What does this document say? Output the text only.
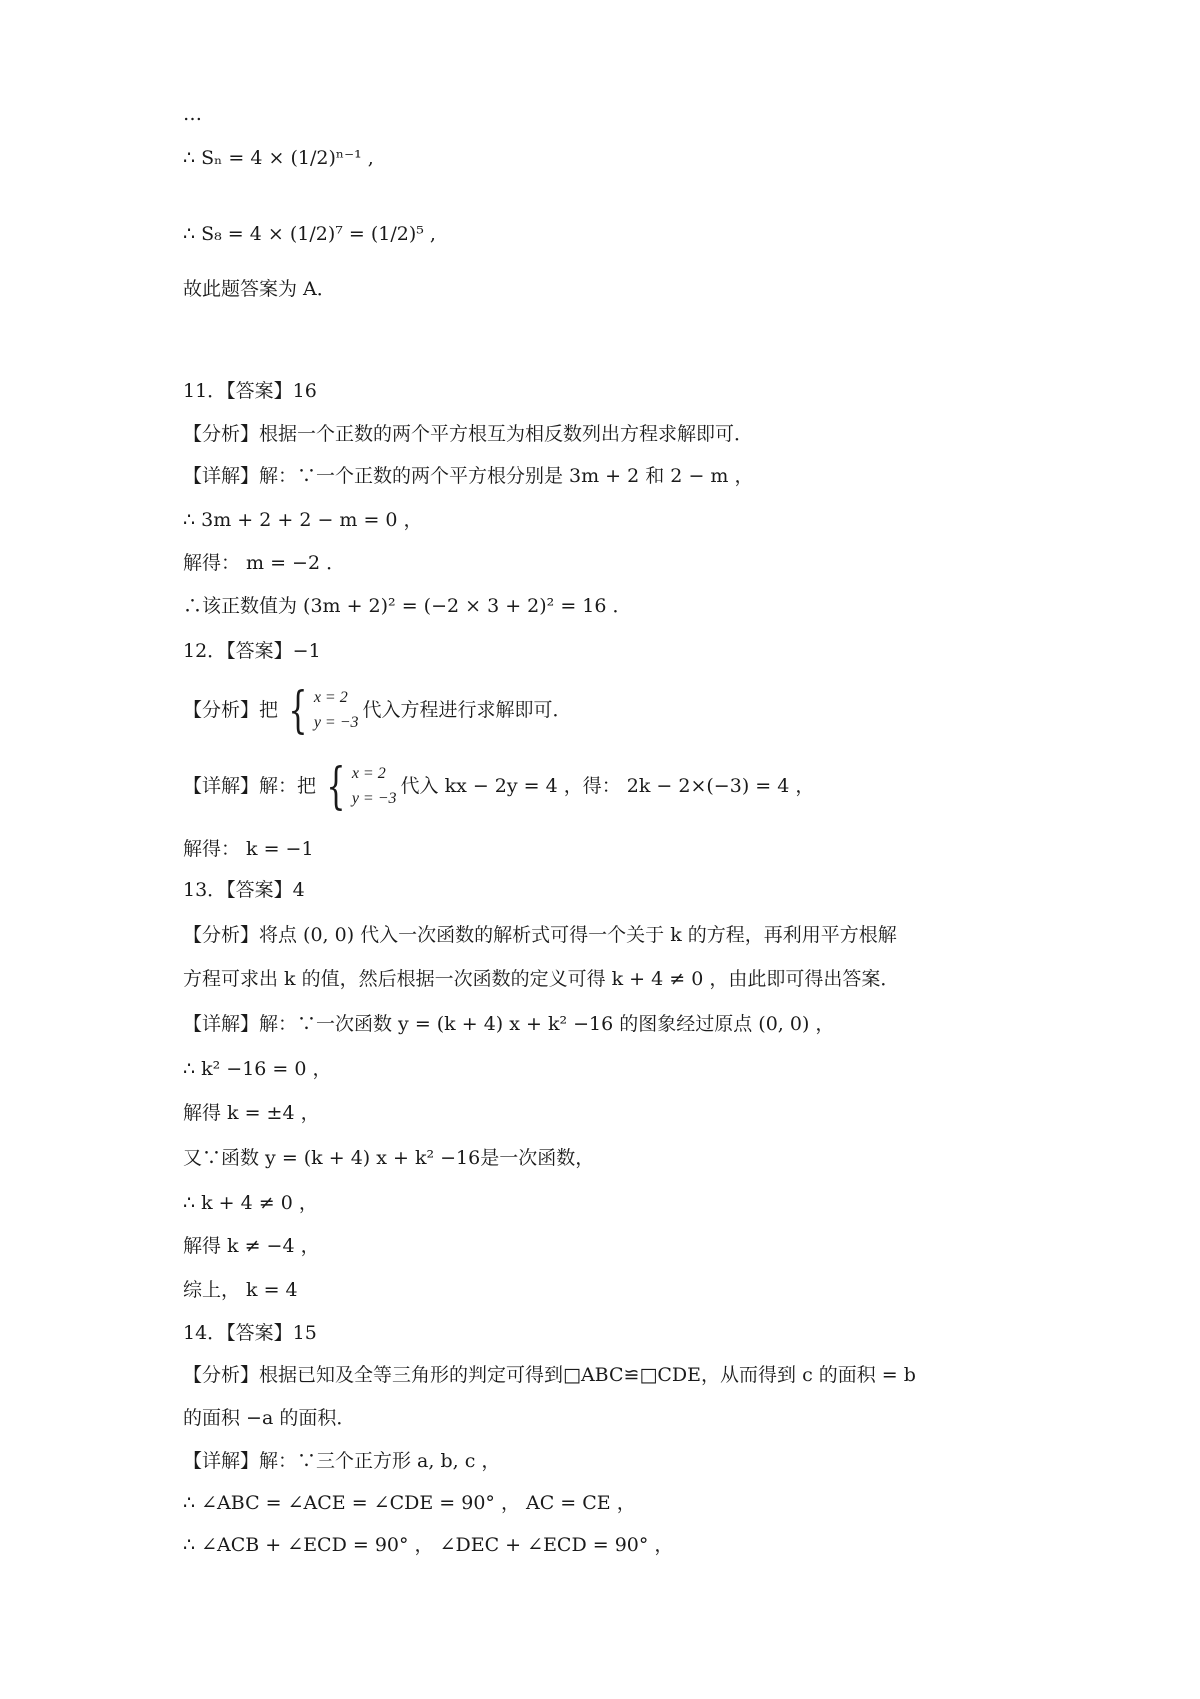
…
∴ Sₙ = 4 × (1/2)ⁿ⁻¹ ,
∴ S₈ = 4 × (1/2)⁷ = (1/2)⁵ ,
故此题答案为 A．
11．【答案】16
【分析】根据一个正数的两个平方根互为相反数列出方程求解即可．
【详解】解：∵一个正数的两个平方根分别是 3m + 2 和 2 − m ，
∴ 3m + 2 + 2 − m = 0 ，
解得： m = −2 ．
∴该正数值为 (3m + 2)² = (−2 × 3 + 2)² = 16 ．
12．【答案】−1
【分析】把 { x = 2
y = −3
代入方程进行求解即可．
【详解】解：把 { x = 2
y = −3
代入 kx − 2y = 4 ，得： 2k − 2×(−3) = 4 ，
解得： k = −1
13．【答案】4
【分析】将点 (0, 0) 代入一次函数的解析式可得一个关于 k 的方程，再利用平方根解
方程可求出 k 的值，然后根据一次函数的定义可得 k + 4 ≠ 0 ，由此即可得出答案．
【详解】解：∵一次函数 y = (k + 4) x + k² −16 的图象经过原点 (0, 0) ，
∴ k² −16 = 0 ，
解得 k = ±4 ，
又∵函数 y = (k + 4) x + k² −16是一次函数，
∴ k + 4 ≠ 0 ，
解得 k ≠ −4 ，
综上， k = 4
14．【答案】15
【分析】根据已知及全等三角形的判定可得到□ABC≌□CDE，从而得到 c 的面积 = b
的面积 −a 的面积．
【详解】解：∵三个正方形 a, b, c ，
∴ ∠ABC = ∠ACE = ∠CDE = 90° ， AC = CE ，
∴ ∠ACB + ∠ECD = 90° ， ∠DEC + ∠ECD = 90° ，
